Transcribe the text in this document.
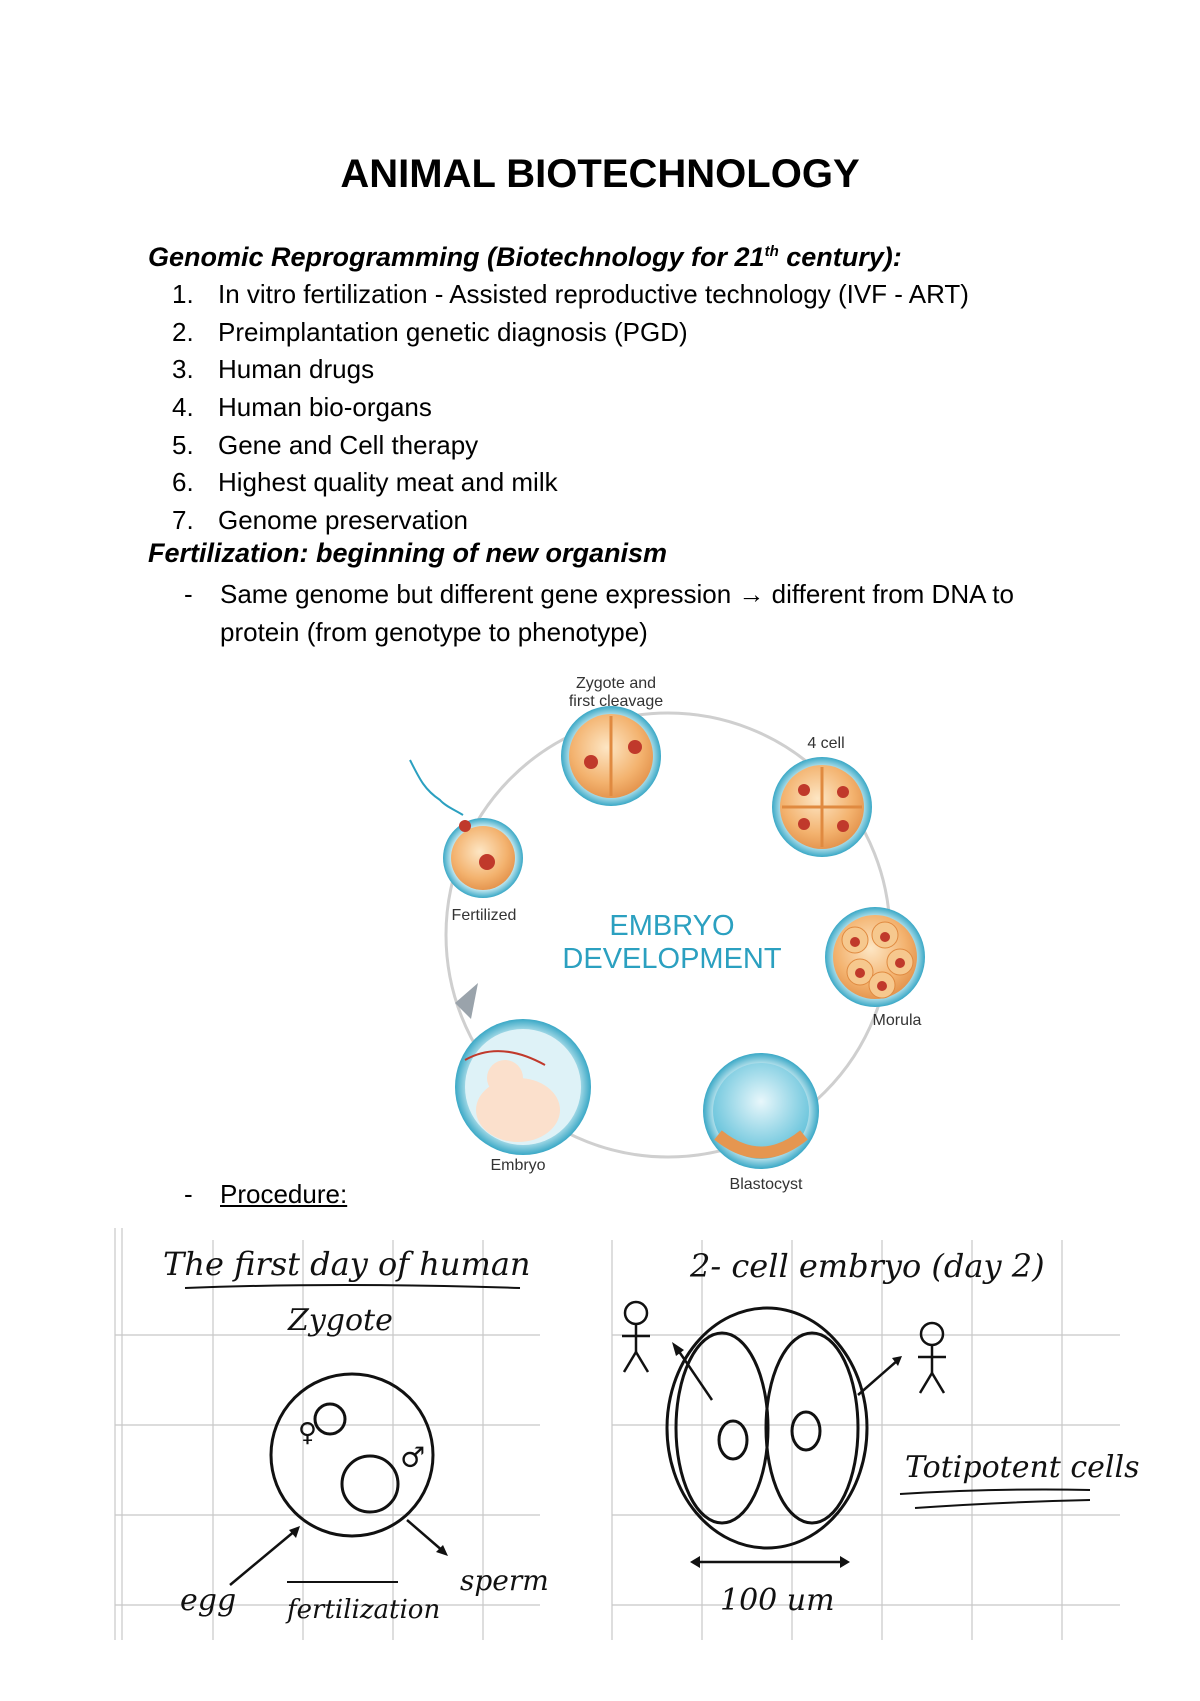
ANIMAL BIOTECHNOLOGY

Genomic Reprogramming (Biotechnology for 21th century):

1. In vitro fertilization - Assisted reproductive technology (IVF - ART)
2. Preimplantation genetic diagnosis (PGD)
3. Human drugs
4. Human bio-organs
5. Gene and Cell therapy
6. Highest quality meat and milk
7. Genome preservation

Fertilization: beginning of new organism

- Same genome but different gene expression → different from DNA to
protein (from genotype to phenotype)
Zygote and
first cleavage
4 cell
Fertilized
Morula
Blastocyst
Embryo
EMBRYO
DEVELOPMENT
- Procedure:
The first day of human
Zygote
♀
♂
egg
sperm
fertilization
2- cell embryo (day 2)
Totipotent cells
100 um
